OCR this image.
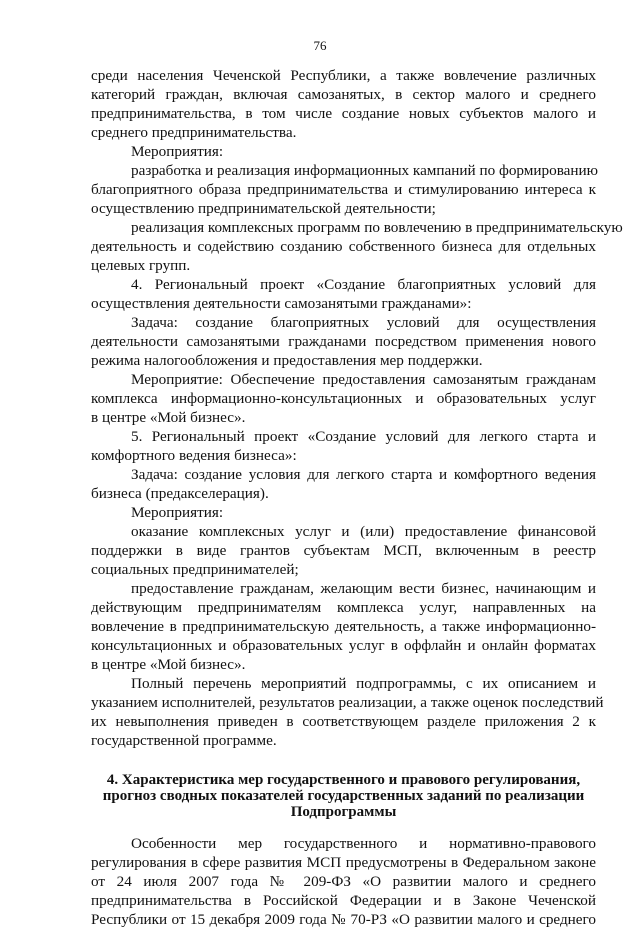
76
среди населения Чеченской Республики, а также вовлечение различных
категорий граждан, включая самозанятых, в сектор малого и среднего
предпринимательства, в том числе создание новых субъектов малого и
среднего предпринимательства.
Мероприятия:
разработка и реализация информационных кампаний по формированию
благоприятного образа предпринимательства и стимулированию интереса к
осуществлению предпринимательской деятельности;
реализация комплексных программ по вовлечению в предпринимательскую
деятельность и содействию созданию собственного бизнеса для отдельных
целевых групп.
4. Региональный проект «Создание благоприятных условий для
осуществления деятельности самозанятыми гражданами»:
Задача: создание благоприятных условий для осуществления
деятельности самозанятыми гражданами посредством применения нового
режима налогообложения и предоставления мер поддержки.
Мероприятие: Обеспечение предоставления самозанятым гражданам
комплекса информационно-консультационных и образовательных услуг
в центре «Мой бизнес».
5. Региональный проект «Создание условий для легкого старта и
комфортного ведения бизнеса»:
Задача: создание условия для легкого старта и комфортного ведения
бизнеса (предакселерация).
Мероприятия:
оказание комплексных услуг и (или) предоставление финансовой
поддержки в виде грантов субъектам МСП, включенным в реестр
социальных предпринимателей;
предоставление гражданам, желающим вести бизнес, начинающим и
действующим предпринимателям комплекса услуг, направленных на
вовлечение в предпринимательскую деятельность, а также информационно-
консультационных и образовательных услуг в оффлайн и онлайн форматах
в центре «Мой бизнес».
Полный перечень мероприятий подпрограммы, с их описанием и
указанием исполнителей, результатов реализации, а также оценок последствий
их невыполнения приведен в соответствующем разделе приложения 2 к
государственной программе.
4. Характеристика мер государственного и правового регулирования,
прогноз сводных показателей государственных заданий по реализации
Подпрограммы
Особенности мер государственного и нормативно-правового
регулирования в сфере развития МСП предусмотрены в Федеральном законе
от 24 июля 2007 года № 209-ФЗ «О развитии малого и среднего
предпринимательства в Российской Федерации и в Законе Чеченской
Республики от 15 декабря 2009 года № 70-РЗ «О развитии малого и среднего
